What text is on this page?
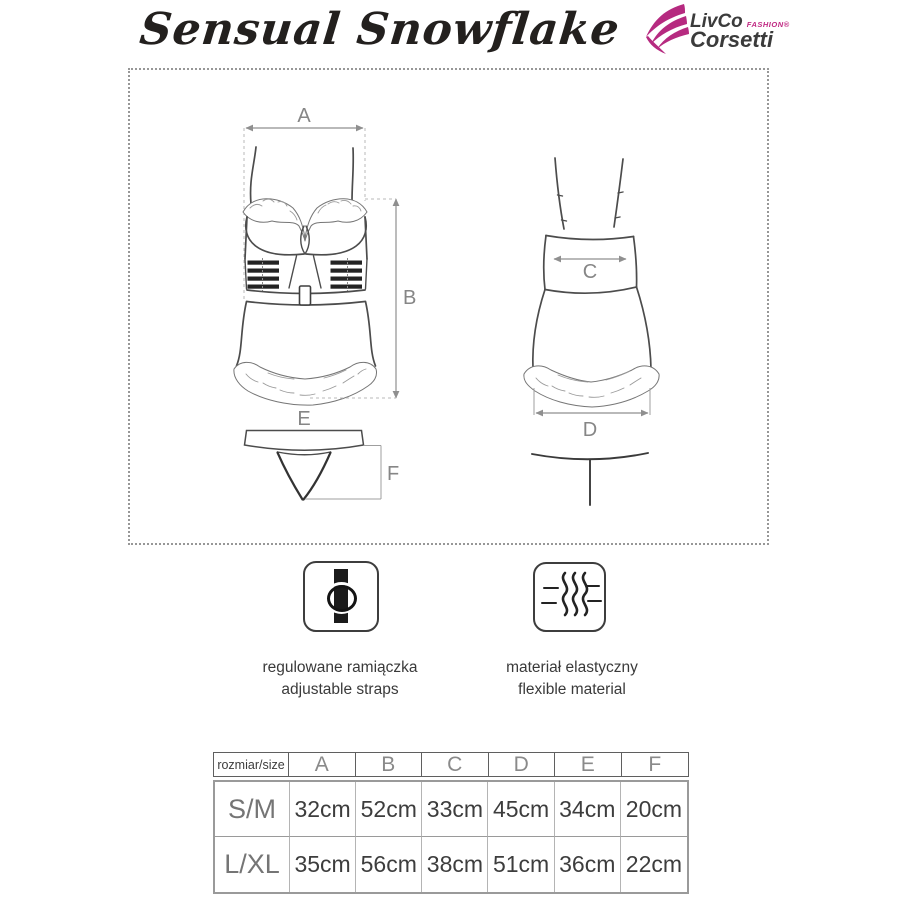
Sensual Snowflake	LivCo FASHION®
Corsetti
A
B
E
F
C
D
regulowane ramiączka
adjustable straps
materiał elastyczny
flexible material
rozmiar/size	A	B	C	D	E	F
S/M 32cm 52cm 33cm 45cm 34cm 20cm
L/XL 35cm 56cm 38cm 51cm 36cm 22cm
